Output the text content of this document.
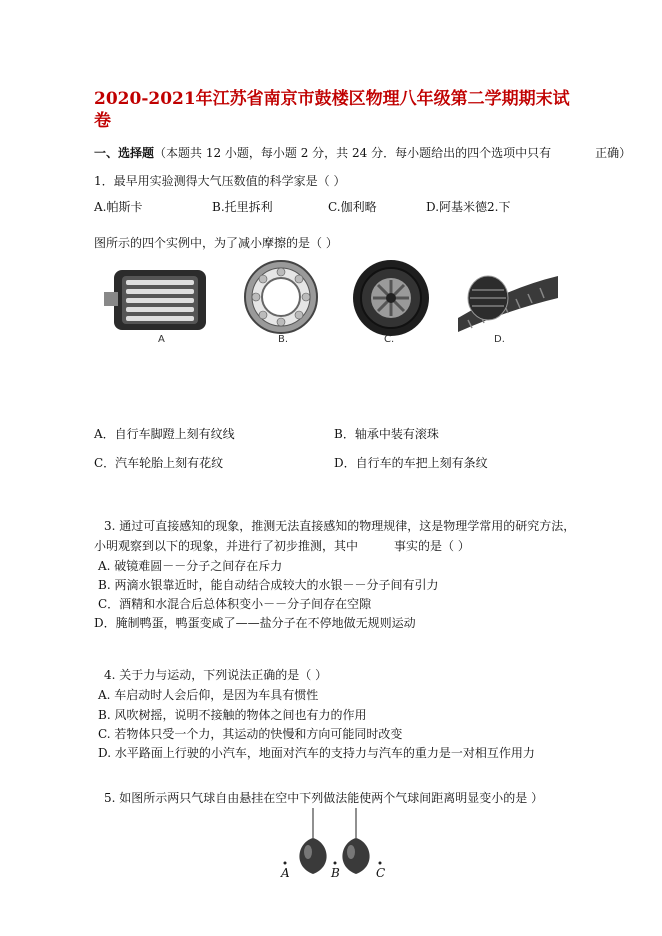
2020-2021年江苏省南京市鼓楼区物理八年级第二学期期末试
卷
一、选择题（本题共 12 小题，每小题 2 分，共 24 分．每小题给出的四个选项中只有	正确）
1．最早用实验测得大气压数值的科学家是（ ）
A.帕斯卡	B.托里拆利	C.伽利略	D.阿基米德2.下
图所示的四个实例中，为了减小摩擦的是（ ）
A	B.	C.	D.
A．自行车脚蹬上刻有纹线	B．轴承中装有滚珠
C．汽车轮胎上刻有花纹	D．自行车的车把上刻有条纹
3. 通过可直接感知的现象，推测无法直接感知的物理规律，这是物理学常用的研究方法，
小明观察到以下的现象，并进行了初步推测，其中	事实的是（ ）
A. 破镜难圆－－分子之间存在斥力
B. 两滴水银靠近时，能自动结合成较大的水银－－分子间有引力
C．酒精和水混合后总体积变小－－分子间存在空隙
D．腌制鸭蛋，鸭蛋变咸了——盐分子在不停地做无规则运动
4. 关于力与运动，下列说法正确的是（ ）
A. 车启动时人会后仰，是因为车具有惯性
B. 风吹树摇，说明不接触的物体之间也有力的作用
C. 若物体只受一个力，其运动的快慢和方向可能同时改变
D. 水平路面上行驶的小汽车，地面对汽车的支持力与汽车的重力是一对相互作用力
5. 如图所示两只气球自由悬挂在空中下列做法能使两个气球间距离明显变小的是 ）
A	B	C
